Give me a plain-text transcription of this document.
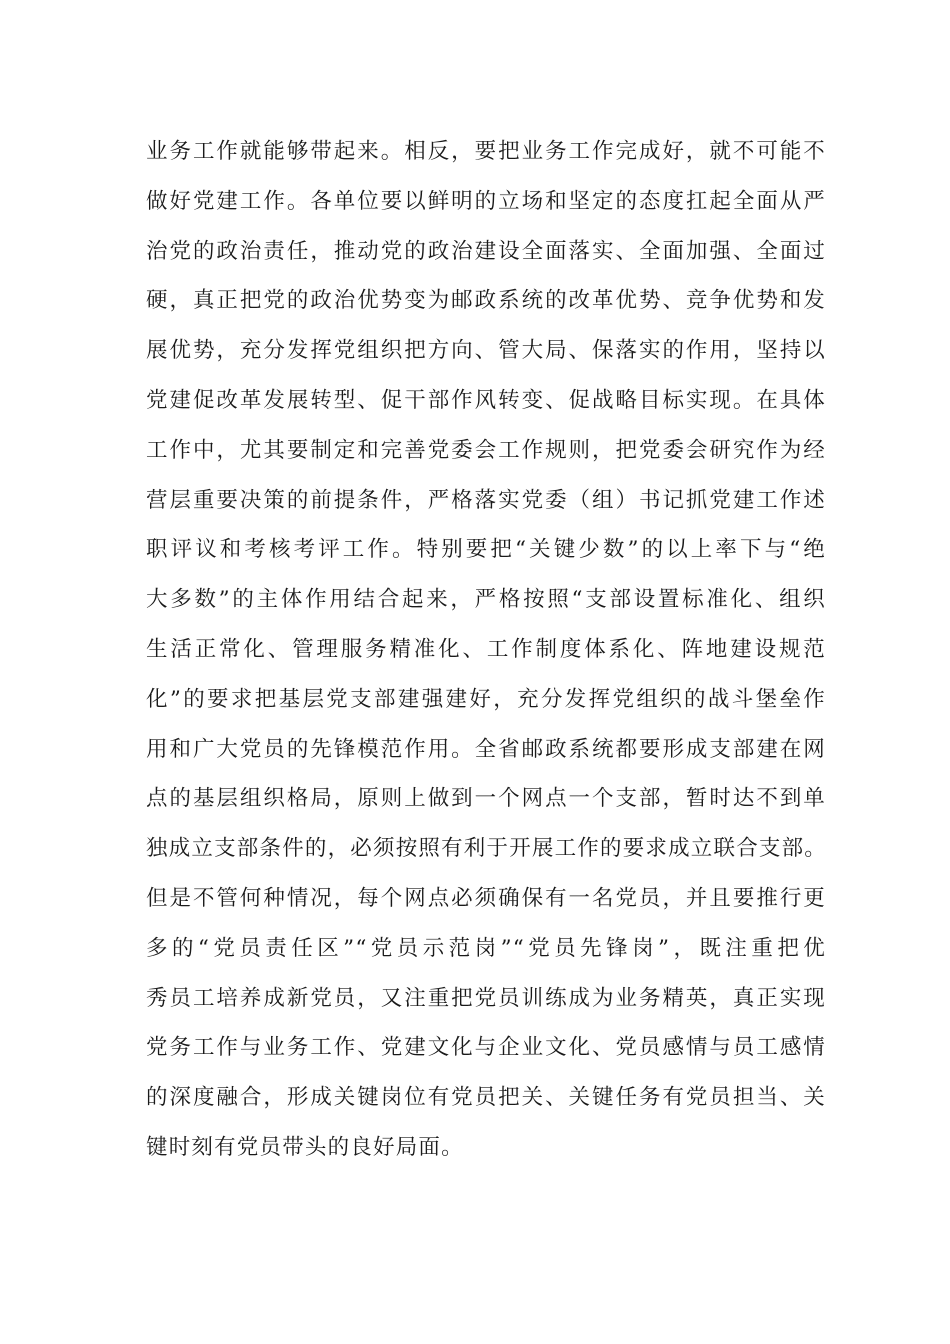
业务工作就能够带起来。相反，要把业务工作完成好，就不可能不
做好党建工作。各单位要以鲜明的立场和坚定的态度扛起全面从严
治党的政治责任，推动党的政治建设全面落实、全面加强、全面过
硬，真正把党的政治优势变为邮政系统的改革优势、竞争优势和发
展优势，充分发挥党组织把方向、管大局、保落实的作用，坚持以
党建促改革发展转型、促干部作风转变、促战略目标实现。在具体
工作中，尤其要制定和完善党委会工作规则，把党委会研究作为经
营层重要决策的前提条件，严格落实党委（组）书记抓党建工作述
职评议和考核考评工作。特别要把“关键少数”的以上率下与“绝
大多数”的主体作用结合起来，严格按照“支部设置标准化、组织
生活正常化、管理服务精准化、工作制度体系化、阵地建设规范
化”的要求把基层党支部建强建好，充分发挥党组织的战斗堡垒作
用和广大党员的先锋模范作用。全省邮政系统都要形成支部建在网
点的基层组织格局，原则上做到一个网点一个支部，暂时达不到单
独成立支部条件的，必须按照有利于开展工作的要求成立联合支部。
但是不管何种情况，每个网点必须确保有一名党员，并且要推行更
多的“党员责任区”“党员示范岗”“党员先锋岗”，既注重把优
秀员工培养成新党员，又注重把党员训练成为业务精英，真正实现
党务工作与业务工作、党建文化与企业文化、党员感情与员工感情
的深度融合，形成关键岗位有党员把关、关键任务有党员担当、关
键时刻有党员带头的良好局面。
